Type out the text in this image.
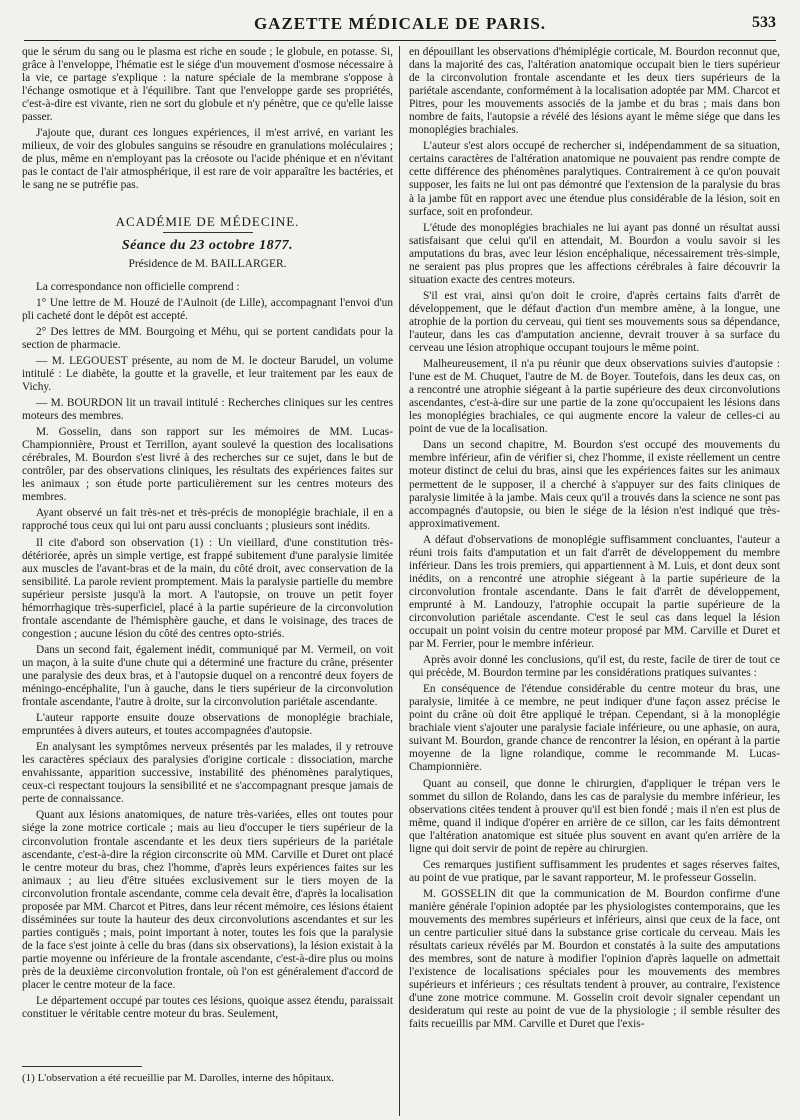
GAZETTE MÉDICALE DE PARIS.	533

que le sérum du sang ou le plasma est riche en soude ; le globule, en potasse. Si, grâce à l'enveloppe, l'hématie est le siége d'un mouvement d'osmose nécessaire à la vie, ce partage s'explique : la nature spéciale de la membrane s'oppose à l'échange osmotique et à l'équilibre. Tant que l'enveloppe garde ses propriétés, c'est-à-dire est vivante, rien ne sort du globule et n'y pénètre, que ce qu'elle laisse passer.

J'ajoute que, durant ces longues expériences, il m'est arrivé, en variant les milieux, de voir des globules sanguins se résoudre en granulations moléculaires ; de plus, même en n'employant pas la créosote ou l'acide phénique et en n'évitant pas le contact de l'air atmosphérique, il est rare de voir apparaître les bactéries, et le sang ne se putréfie pas.

ACADÉMIE DE MÉDECINE.
Séance du 23 octobre 1877.
Présidence de M. BAILLARGER.

La correspondance non officielle comprend :

1° Une lettre de M. Houzé de l'Aulnoit (de Lille), accompagnant l'envoi d'un pli cacheté dont le dépôt est accepté.

2° Des lettres de MM. Bourgoing et Méhu, qui se portent candidats pour la section de pharmacie.

— M. LEGOUEST présente, au nom de M. le docteur Barudel, un volume intitulé : Le diabète, la goutte et la gravelle, et leur traitement par les eaux de Vichy.

— M. BOURDON lit un travail intitulé : Recherches cliniques sur les centres moteurs des membres.

M. Gosselin, dans son rapport sur les mémoires de MM. Lucas-Championnière, Proust et Terrillon, ayant soulevé la question des localisations cérébrales, M. Bourdon s'est livré à des recherches sur ce sujet, dans le but de contrôler, par des observations cliniques, les résultats des expériences faites sur les animaux ; son étude porte particulièrement sur les centres moteurs des membres.

Ayant observé un fait très-net et très-précis de monoplégie brachiale, il en a rapproché tous ceux qui lui ont paru aussi concluants ; plusieurs sont inédits.

Il cite d'abord son observation (1) : Un vieillard, d'une constitution très-détériorée, après un simple vertige, est frappé subitement d'une paralysie limitée aux muscles de l'avant-bras et de la main, du côté droit, avec conservation de la sensibilité. La parole revient promptement. Mais la paralysie partielle du membre supérieur persiste jusqu'à la mort. A l'autopsie, on trouve un petit foyer hémorrhagique très-superficiel, placé à la partie supérieure de la circonvolution frontale ascendante de l'hémisphère gauche, et dans le voisinage, des traces de congestion ; aucune lésion du côté des centres opto-striés.

Dans un second fait, également inédit, communiqué par M. Vermeil, on voit un maçon, à la suite d'une chute qui a déterminé une fracture du crâne, présenter une paralysie des deux bras, et à l'autopsie duquel on a rencontré deux foyers de méningo-encéphalite, l'un à gauche, dans le tiers supérieur de la circonvolution frontale ascendante, l'autre à droite, sur la circonvolution pariétale ascendante.

L'auteur rapporte ensuite douze observations de monoplégie brachiale, empruntées à divers auteurs, et toutes accompagnées d'autopsie.

En analysant les symptômes nerveux présentés par les malades, il y retrouve les caractères spéciaux des paralysies d'origine corticale : dissociation, marche envahissante, apparition successive, instabilité des phénomènes paralytiques, ceux-ci respectant toujours la sensibilité et ne s'accompagnant presque jamais de perte de connaissance.

Quant aux lésions anatomiques, de nature très-variées, elles ont toutes pour siége la zone motrice corticale ; mais au lieu d'occuper le tiers supérieur de la circonvolution frontale ascendante et les deux tiers supérieurs de la pariétale ascendante, c'est-à-dire la région circonscrite où MM. Carville et Duret ont placé le centre moteur du bras, chez l'homme, d'après leurs expériences faites sur les animaux ; au lieu d'être situées exclusivement sur le tiers moyen de la circonvolution frontale ascendante, comme cela devait être, d'après la localisation proposée par MM. Charcot et Pitres, dans leur récent mémoire, ces lésions étaient disséminées sur toute la hauteur des deux circonvolutions ascendantes et sur les parties contiguës ; mais, point important à noter, toutes les fois que la paralysie de la face s'est jointe à celle du bras (dans six observations), la lésion existait à la partie moyenne ou inférieure de la frontale ascendante, c'est-à-dire plus ou moins près de la deuxième circonvolution frontale, où l'on est généralement d'accord de placer le centre moteur de la face.

Le département occupé par toutes ces lésions, quoique assez étendu, paraissait constituer le véritable centre moteur du bras. Seulement,

(1) L'observation a été recueillie par M. Darolles, interne des hôpitaux.

en dépouillant les observations d'hémiplégie corticale, M. Bourdon reconnut que, dans la majorité des cas, l'altération anatomique occupait bien le tiers supérieur de la circonvolution frontale ascendante et les deux tiers supérieurs de la pariétale ascendante, conformément à la localisation adoptée par MM. Charcot et Pitres, pour les mouvements associés de la jambe et du bras ; mais dans bon nombre de faits, l'autopsie a révélé des lésions ayant le même siége que dans les monoplégies brachiales.

L'auteur s'est alors occupé de rechercher si, indépendamment de sa situation, certains caractères de l'altération anatomique ne pouvaient pas rendre compte de cette différence des phénomènes paralytiques. Contrairement à ce qu'on pouvait supposer, les faits ne lui ont pas démontré que l'extension de la paralysie du bras à la jambe fût en rapport avec une étendue plus considérable de la lésion, soit en surface, soit en profondeur.

L'étude des monoplégies brachiales ne lui ayant pas donné un résultat aussi satisfaisant que celui qu'il en attendait, M. Bourdon a voulu savoir si les amputations du bras, avec leur lésion encéphalique, nécessairement très-simple, ne seraient pas plus propres que les affections cérébrales à faire découvrir la situation exacte des centres moteurs.

S'il est vrai, ainsi qu'on doit le croire, d'après certains faits d'arrêt de développement, que le défaut d'action d'un membre amène, à la longue, une atrophie de la portion du cerveau, qui tient ses mouvements sous sa dépendance, l'auteur, dans les cas d'amputation ancienne, devrait trouver à sa surface du cerveau une lésion atrophique occupant toujours le même point.

Malheureusement, il n'a pu réunir que deux observations suivies d'autopsie : l'une est de M. Chuquet, l'autre de M. de Boyer. Toutefois, dans les deux cas, on a rencontré une atrophie siégeant à la partie supérieure des deux circonvolutions ascendantes, c'est-à-dire sur une partie de la zone qu'occupaient les lésions dans les monoplégies brachiales, ce qui augmente encore la valeur de celles-ci au point de vue de la localisation.

Dans un second chapitre, M. Bourdon s'est occupé des mouvements du membre inférieur, afin de vérifier si, chez l'homme, il existe réellement un centre moteur distinct de celui du bras, ainsi que les expériences faites sur les animaux permettent de le supposer, il a cherché à s'appuyer sur des faits cliniques de paralysie limitée à la jambe. Mais ceux qu'il a trouvés dans la science ne sont pas accompagnés d'autopsie, ou bien le siége de la lésion n'est indiqué que très-approximativement.

A défaut d'observations de monoplégie suffisamment concluantes, l'auteur a réuni trois faits d'amputation et un fait d'arrêt de développement du membre inférieur. Dans les trois premiers, qui appartiennent à M. Luis, et dont deux sont inédits, on a rencontré une atrophie siégeant à la partie supérieure de la circonvolution frontale ascendante. Dans le fait d'arrêt de développement, emprunté à M. Landouzy, l'atrophie occupait la partie supérieure de la circonvolution pariétale ascendante. C'est le seul cas dans lequel la lésion occupait un point voisin du centre moteur proposé par MM. Carville et Duret et par M. Ferrier, pour le membre inférieur.

Après avoir donné les conclusions, qu'il est, du reste, facile de tirer de tout ce qui précède, M. Bourdon termine par les considérations pratiques suivantes :

En conséquence de l'étendue considérable du centre moteur du bras, une paralysie, limitée à ce membre, ne peut indiquer d'une façon assez précise le point du crâne où doit être appliqué le trépan. Cependant, si à la monoplégie brachiale vient s'ajouter une paralysie faciale inférieure, ou une aphasie, on aura, suivant M. Bourdon, grande chance de rencontrer la lésion, en opérant à la partie moyenne de la ligne rolandique, comme le recommande M. Lucas-Championnière.

Quant au conseil, que donne le chirurgien, d'appliquer le trépan vers le sommet du sillon de Rolando, dans les cas de paralysie du membre inférieur, les observations citées tendent à prouver qu'il est bien fondé ; mais il n'en est plus de même, quand il indique d'opérer en arrière de ce sillon, car les faits démontrent que l'altération anatomique est située plus souvent en avant qu'en arrière de la ligne qui doit servir de point de repère au chirurgien.

Ces remarques justifient suffisamment les prudentes et sages réserves faites, au point de vue pratique, par le savant rapporteur, M. le professeur Gosselin.

M. GOSSELIN dit que la communication de M. Bourdon confirme d'une manière générale l'opinion adoptée par les physiologistes contemporains, que les mouvements des membres supérieurs et inférieurs, ainsi que ceux de la face, ont un centre particulier situé dans la substance grise corticale du cerveau. Mais les résultats carieux révélés par M. Bourdon et constatés à la suite des amputations des membres, sont de nature à modifier l'opinion d'après laquelle on admettait l'existence de localisations spéciales pour les mouvements des membres supérieurs et inférieurs ; ces résultats tendent à prouver, au contraire, l'existence d'une zone motrice commune. M. Gosselin croit devoir signaler cependant un desideratum qui reste au point de vue de la physiologie ; il semble résulter des faits recueillis par MM. Carville et Duret que l'exis-
